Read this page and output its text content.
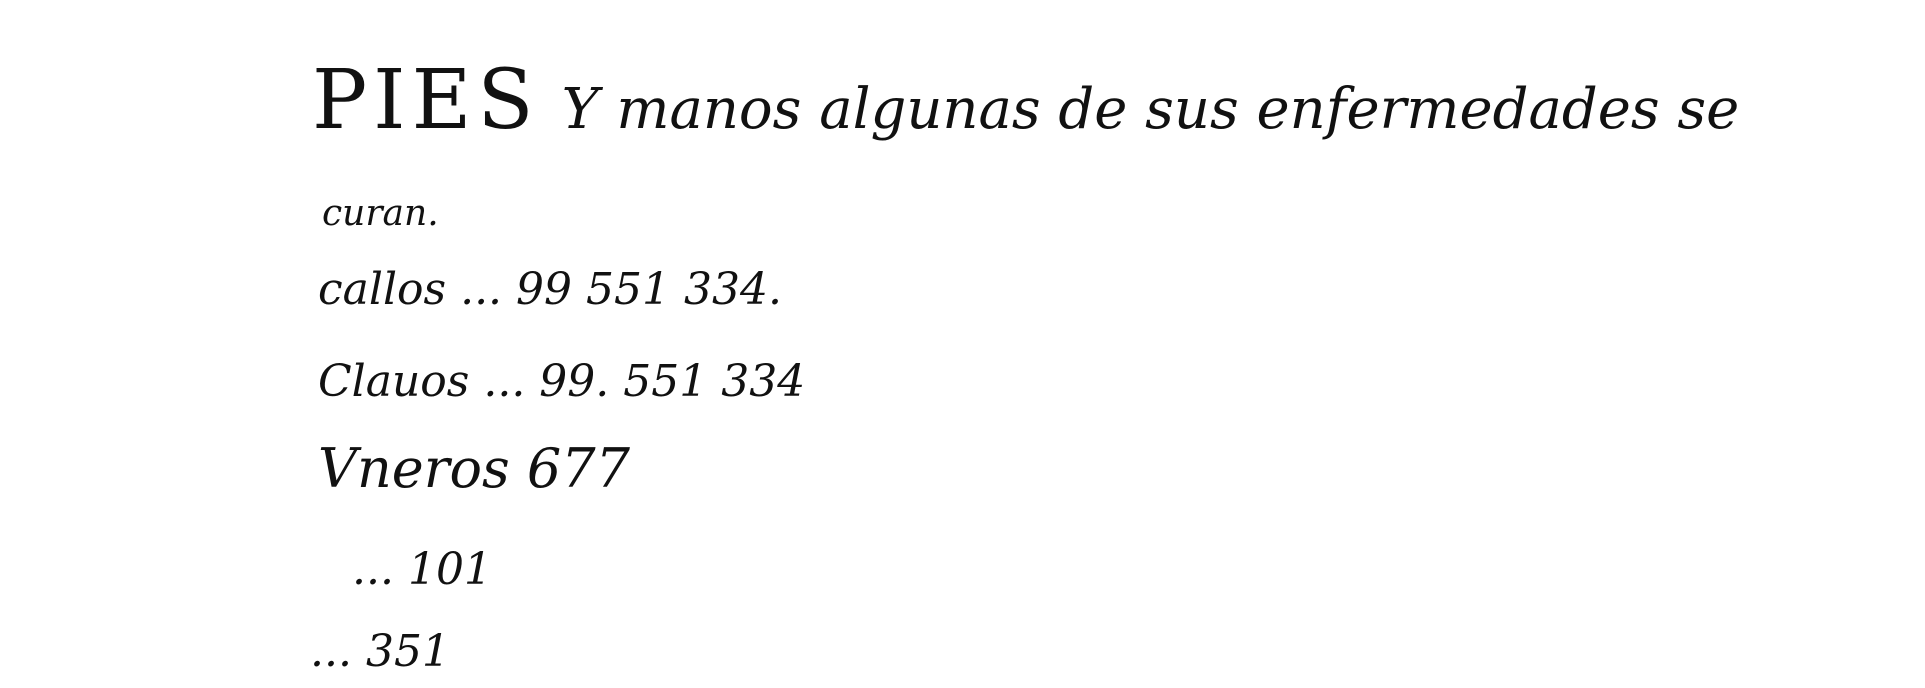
PIES Y manos algunas de sus enfermedades se
curan.
callos ... 99 551 334.
Clauos ... 99. 551 334
Vneros 677
... 101
... 351
